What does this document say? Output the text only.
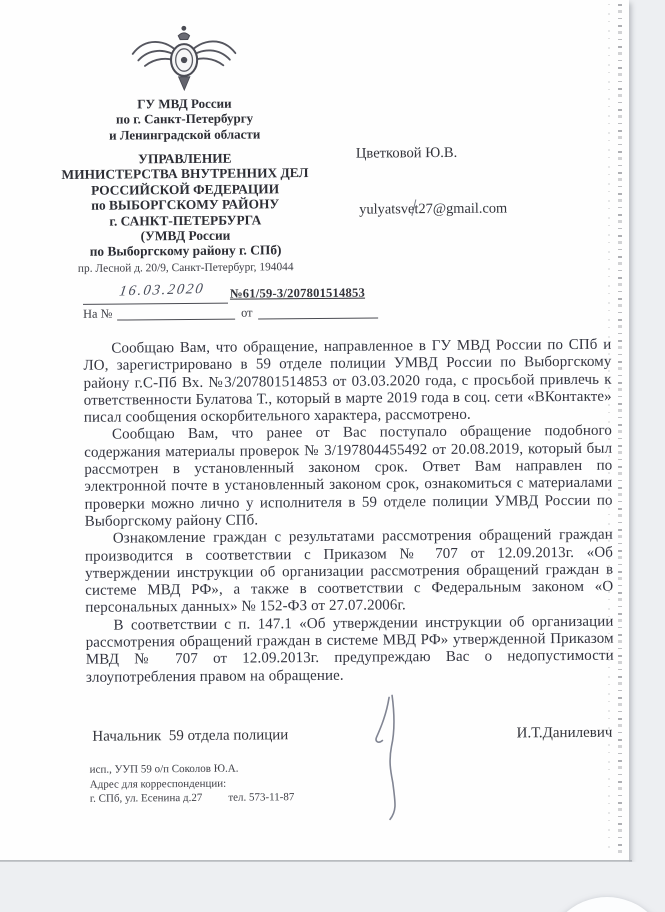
ГУ МВД России
по г. Санкт-Петербургу
и Ленинградской области
УПРАВЛЕНИЕ
МИНИСТЕРСТВА ВНУТРЕННИХ ДЕЛ
РОССИЙСКОЙ ФЕДЕРАЦИИ
по ВЫБОРГСКОМУ РАЙОНУ
г. САНКТ-ПЕТЕРБУРГА
(УМВД России
по Выборгскому району г. СПб)
пр. Лесной д. 20/9, Санкт-Петербург, 194044
Цветковой Ю.В.
yulyatsvet27@gmail.com
16.03.2020	№61/59-3/207801514853
На №	от

Сообщаю Вам, что обращение, направленное в ГУ МВД России по СПб и ЛО, зарегистрировано в 59 отделе полиции УМВД России по Выборгскому району г.С-Пб Вх. №3/207801514853 от 03.03.2020 года, с просьбой привлечь к ответственности Булатова Т., который в марте 2019 года в соц. сети «ВКонтакте» писал сообщения оскорбительного характера, рассмотрено.

Сообщаю Вам, что ранее от Вас поступало обращение подобного содержания материалы проверок № 3/197804455492 от 20.08.2019, который был рассмотрен в установленный законом срок. Ответ Вам направлен по электронной почте в установленный законом срок, ознакомиться с материалами проверки можно лично у исполнителя в 59 отделе полиции УМВД России по Выборгскому району СПб.

Ознакомление граждан с результатами рассмотрения обращений граждан производится в соответствии с Приказом № 707 от 12.09.2013г. «Об утверждении инструкции об организации рассмотрения обращений граждан в системе МВД РФ», а также в соответствии с Федеральным законом «О персональных данных» № 152-ФЗ от 27.07.2006г.

В соответствии с п. 147.1 «Об утверждении инструкции об организации рассмотрения обращений граждан в системе МВД РФ» утвержденной Приказом МВД № 707 от 12.09.2013г. предупреждаю Вас о недопустимости злоупотребления правом на обращение.

Начальник  59 отдела полиции	И.Т.Данилевич
исп., УУП 59 о/п Соколов Ю.А.
Адрес для корреспонденции:
г. СПб, ул. Есенина д.27 тел. 573-11-87
